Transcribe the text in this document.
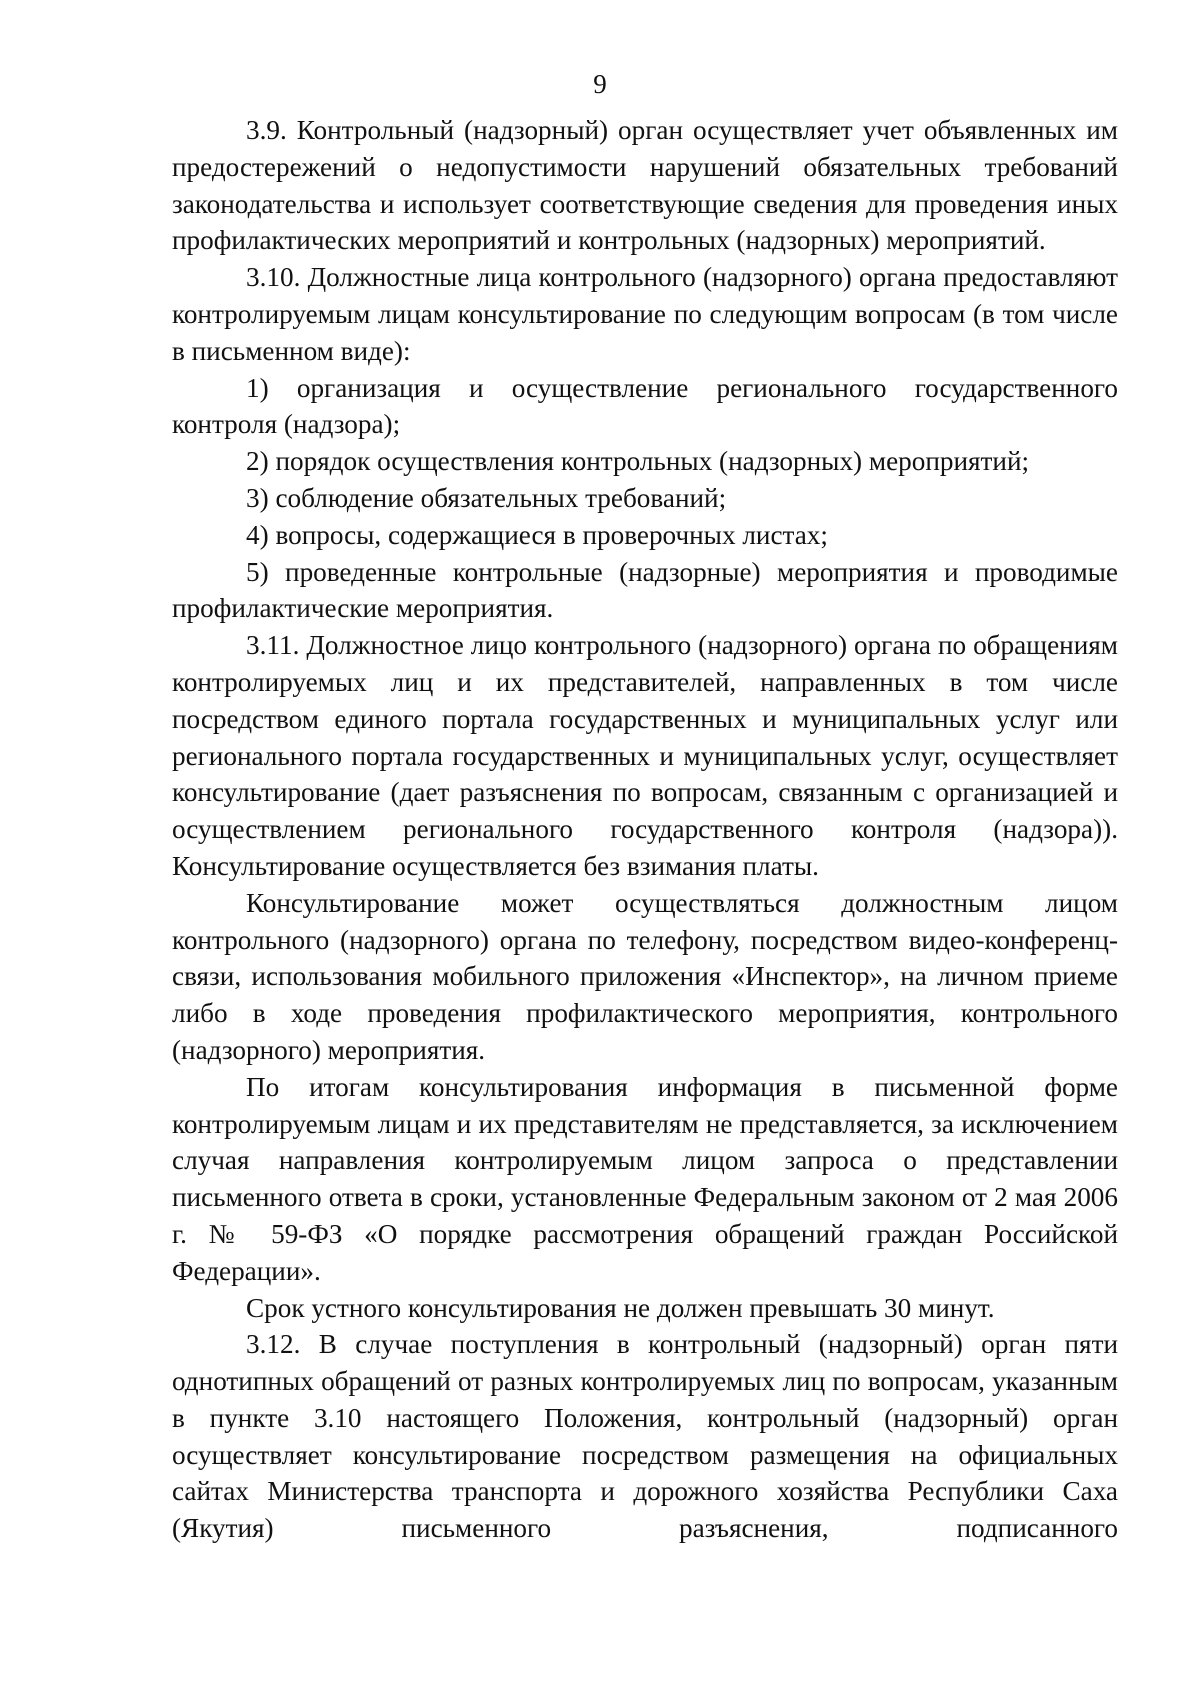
9

3.9. Контрольный (надзорный) орган осуществляет учет объявленных им предостережений о недопустимости нарушений обязательных требований законодательства и использует соответствующие сведения для проведения иных профилактических мероприятий и контрольных (надзорных) мероприятий.

3.10. Должностные лица контрольного (надзорного) органа предоставляют контролируемым лицам консультирование по следующим вопросам (в том числе в письменном виде):

1) организация и осуществление регионального государственного контроля (надзора);

2) порядок осуществления контрольных (надзорных) мероприятий;

3) соблюдение обязательных требований;

4) вопросы, содержащиеся в проверочных листах;

5) проведенные контрольные (надзорные) мероприятия и проводимые профилактические мероприятия.

3.11. Должностное лицо контрольного (надзорного) органа по обращениям контролируемых лиц и их представителей, направленных в том числе посредством единого портала государственных и муниципальных услуг или регионального портала государственных и муниципальных услуг, осуществляет консультирование (дает разъяснения по вопросам, связанным с организацией и осуществлением регионального государственного контроля (надзора)). Консультирование осуществляется без взимания платы.

Консультирование может осуществляться должностным лицом контрольного (надзорного) органа по телефону, посредством видео-конференц-связи, использования мобильного приложения «Инспектор», на личном приеме либо в ходе проведения профилактического мероприятия, контрольного (надзорного) мероприятия.

По итогам консультирования информация в письменной форме контролируемым лицам и их представителям не представляется, за исключением случая направления контролируемым лицом запроса о представлении письменного ответа в сроки, установленные Федеральным законом от 2 мая 2006 г. № 59-ФЗ «О порядке рассмотрения обращений граждан Российской Федерации».

Срок устного консультирования не должен превышать 30 минут.

3.12. В случае поступления в контрольный (надзорный) орган пяти однотипных обращений от разных контролируемых лиц по вопросам, указанным в пункте 3.10 настоящего Положения, контрольный (надзорный) орган осуществляет консультирование посредством размещения на официальных сайтах Министерства транспорта и дорожного хозяйства Республики Саха (Якутия) письменного разъяснения, подписанного
